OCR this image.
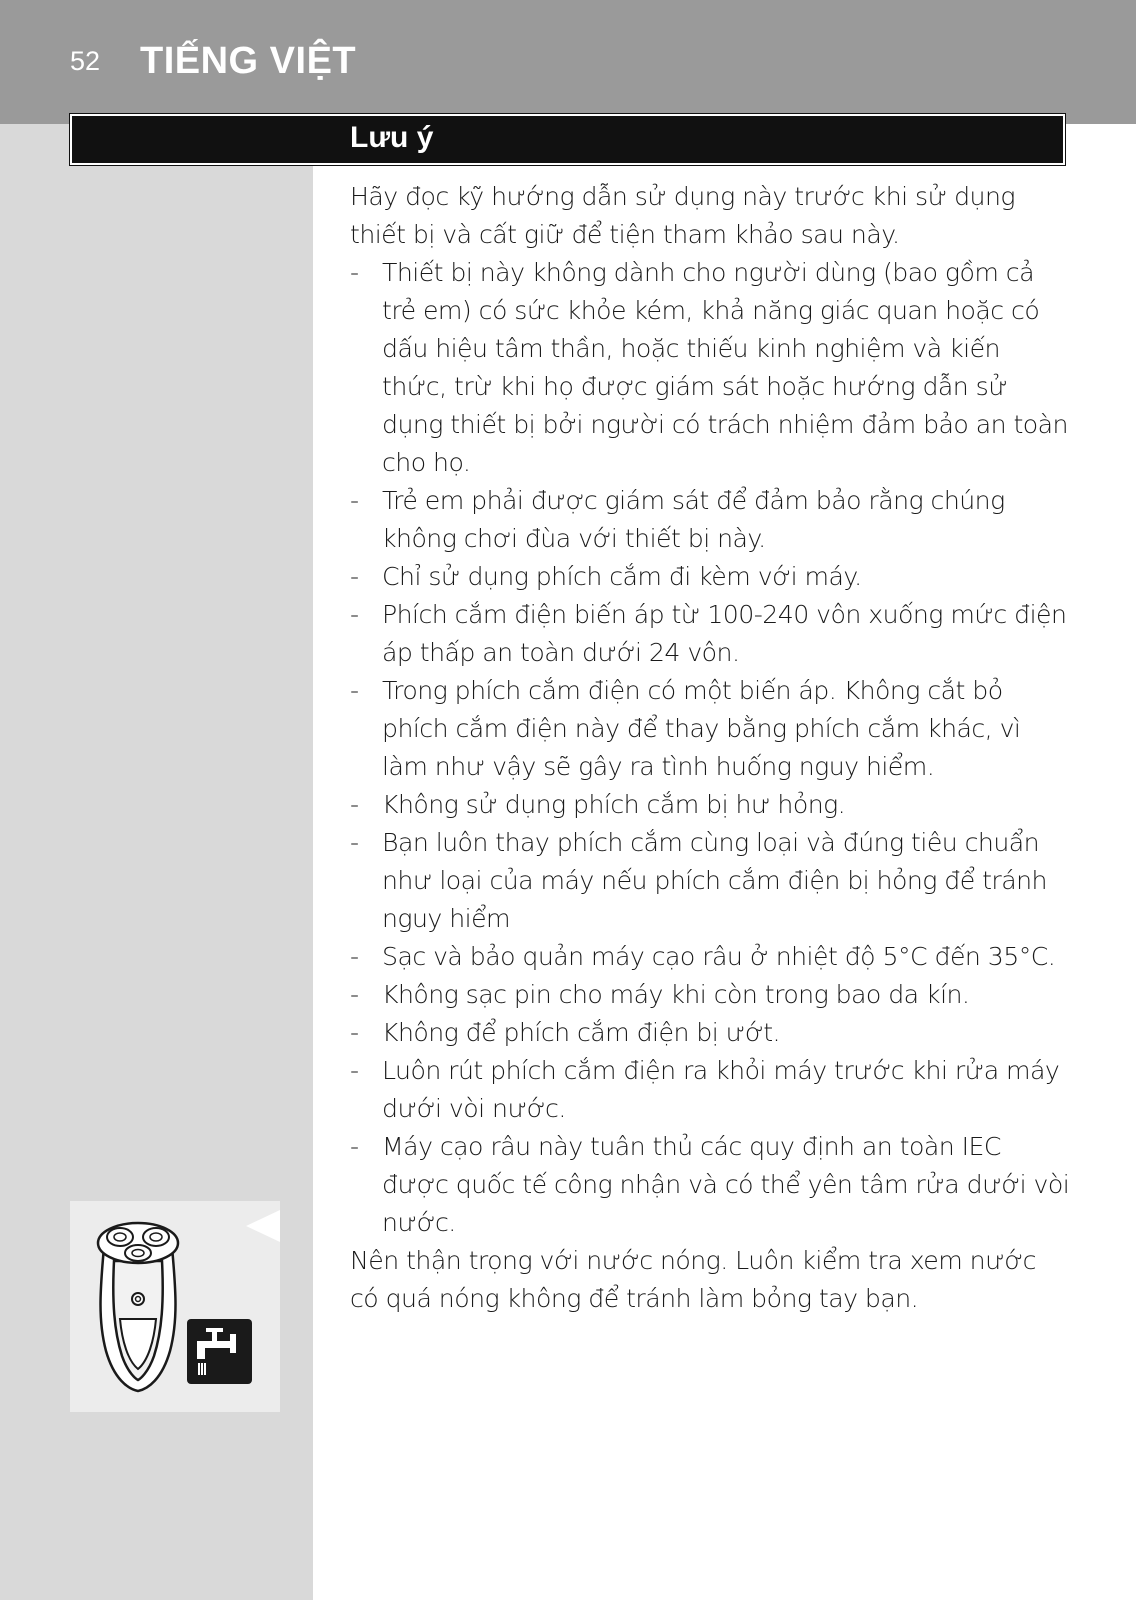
52 TIẾNG VIỆT
Lưu ý

Hãy đọc kỹ hướng dẫn sử dụng này trước khi sử dụng thiết bị và cất giữ để tiện tham khảo sau này.

- Thiết bị này không dành cho người dùng (bao gồm cả trẻ em) có sức khỏe kém, khả năng giác quan hoặc có dấu hiệu tâm thần, hoặc thiếu kinh nghiệm và kiến thức, trừ khi họ được giám sát hoặc hướng dẫn sử dụng thiết bị bởi người có trách nhiệm đảm bảo an toàn cho họ.
- Trẻ em phải được giám sát để đảm bảo rằng chúng không chơi đùa với thiết bị này.
- Chỉ sử dụng phích cắm đi kèm với máy.
- Phích cắm điện biến áp từ 100-240 vôn xuống mức điện áp thấp an toàn dưới 24 vôn.
- Trong phích cắm điện có một biến áp. Không cắt bỏ phích cắm điện này để thay bằng phích cắm khác, vì làm như vậy sẽ gây ra tình huống nguy hiểm.
- Không sử dụng phích cắm bị hư hỏng.
- Bạn luôn thay phích cắm cùng loại và đúng tiêu chuẩn như loại của máy nếu phích cắm điện bị hỏng để tránh nguy hiểm
- Sạc và bảo quản máy cạo râu ở nhiệt độ 5°C đến 35°C.
- Không sạc pin cho máy khi còn trong bao da kín.
- Không để phích cắm điện bị ướt.
- Luôn rút phích cắm điện ra khỏi máy trước khi rửa máy dưới vòi nước.
- Máy cạo râu này tuân thủ các quy định an toàn IEC được quốc tế công nhận và có thể yên tâm rửa dưới vòi nước.

Nên thận trọng với nước nóng. Luôn kiểm tra xem nước có quá nóng không để tránh làm bỏng tay bạn.
